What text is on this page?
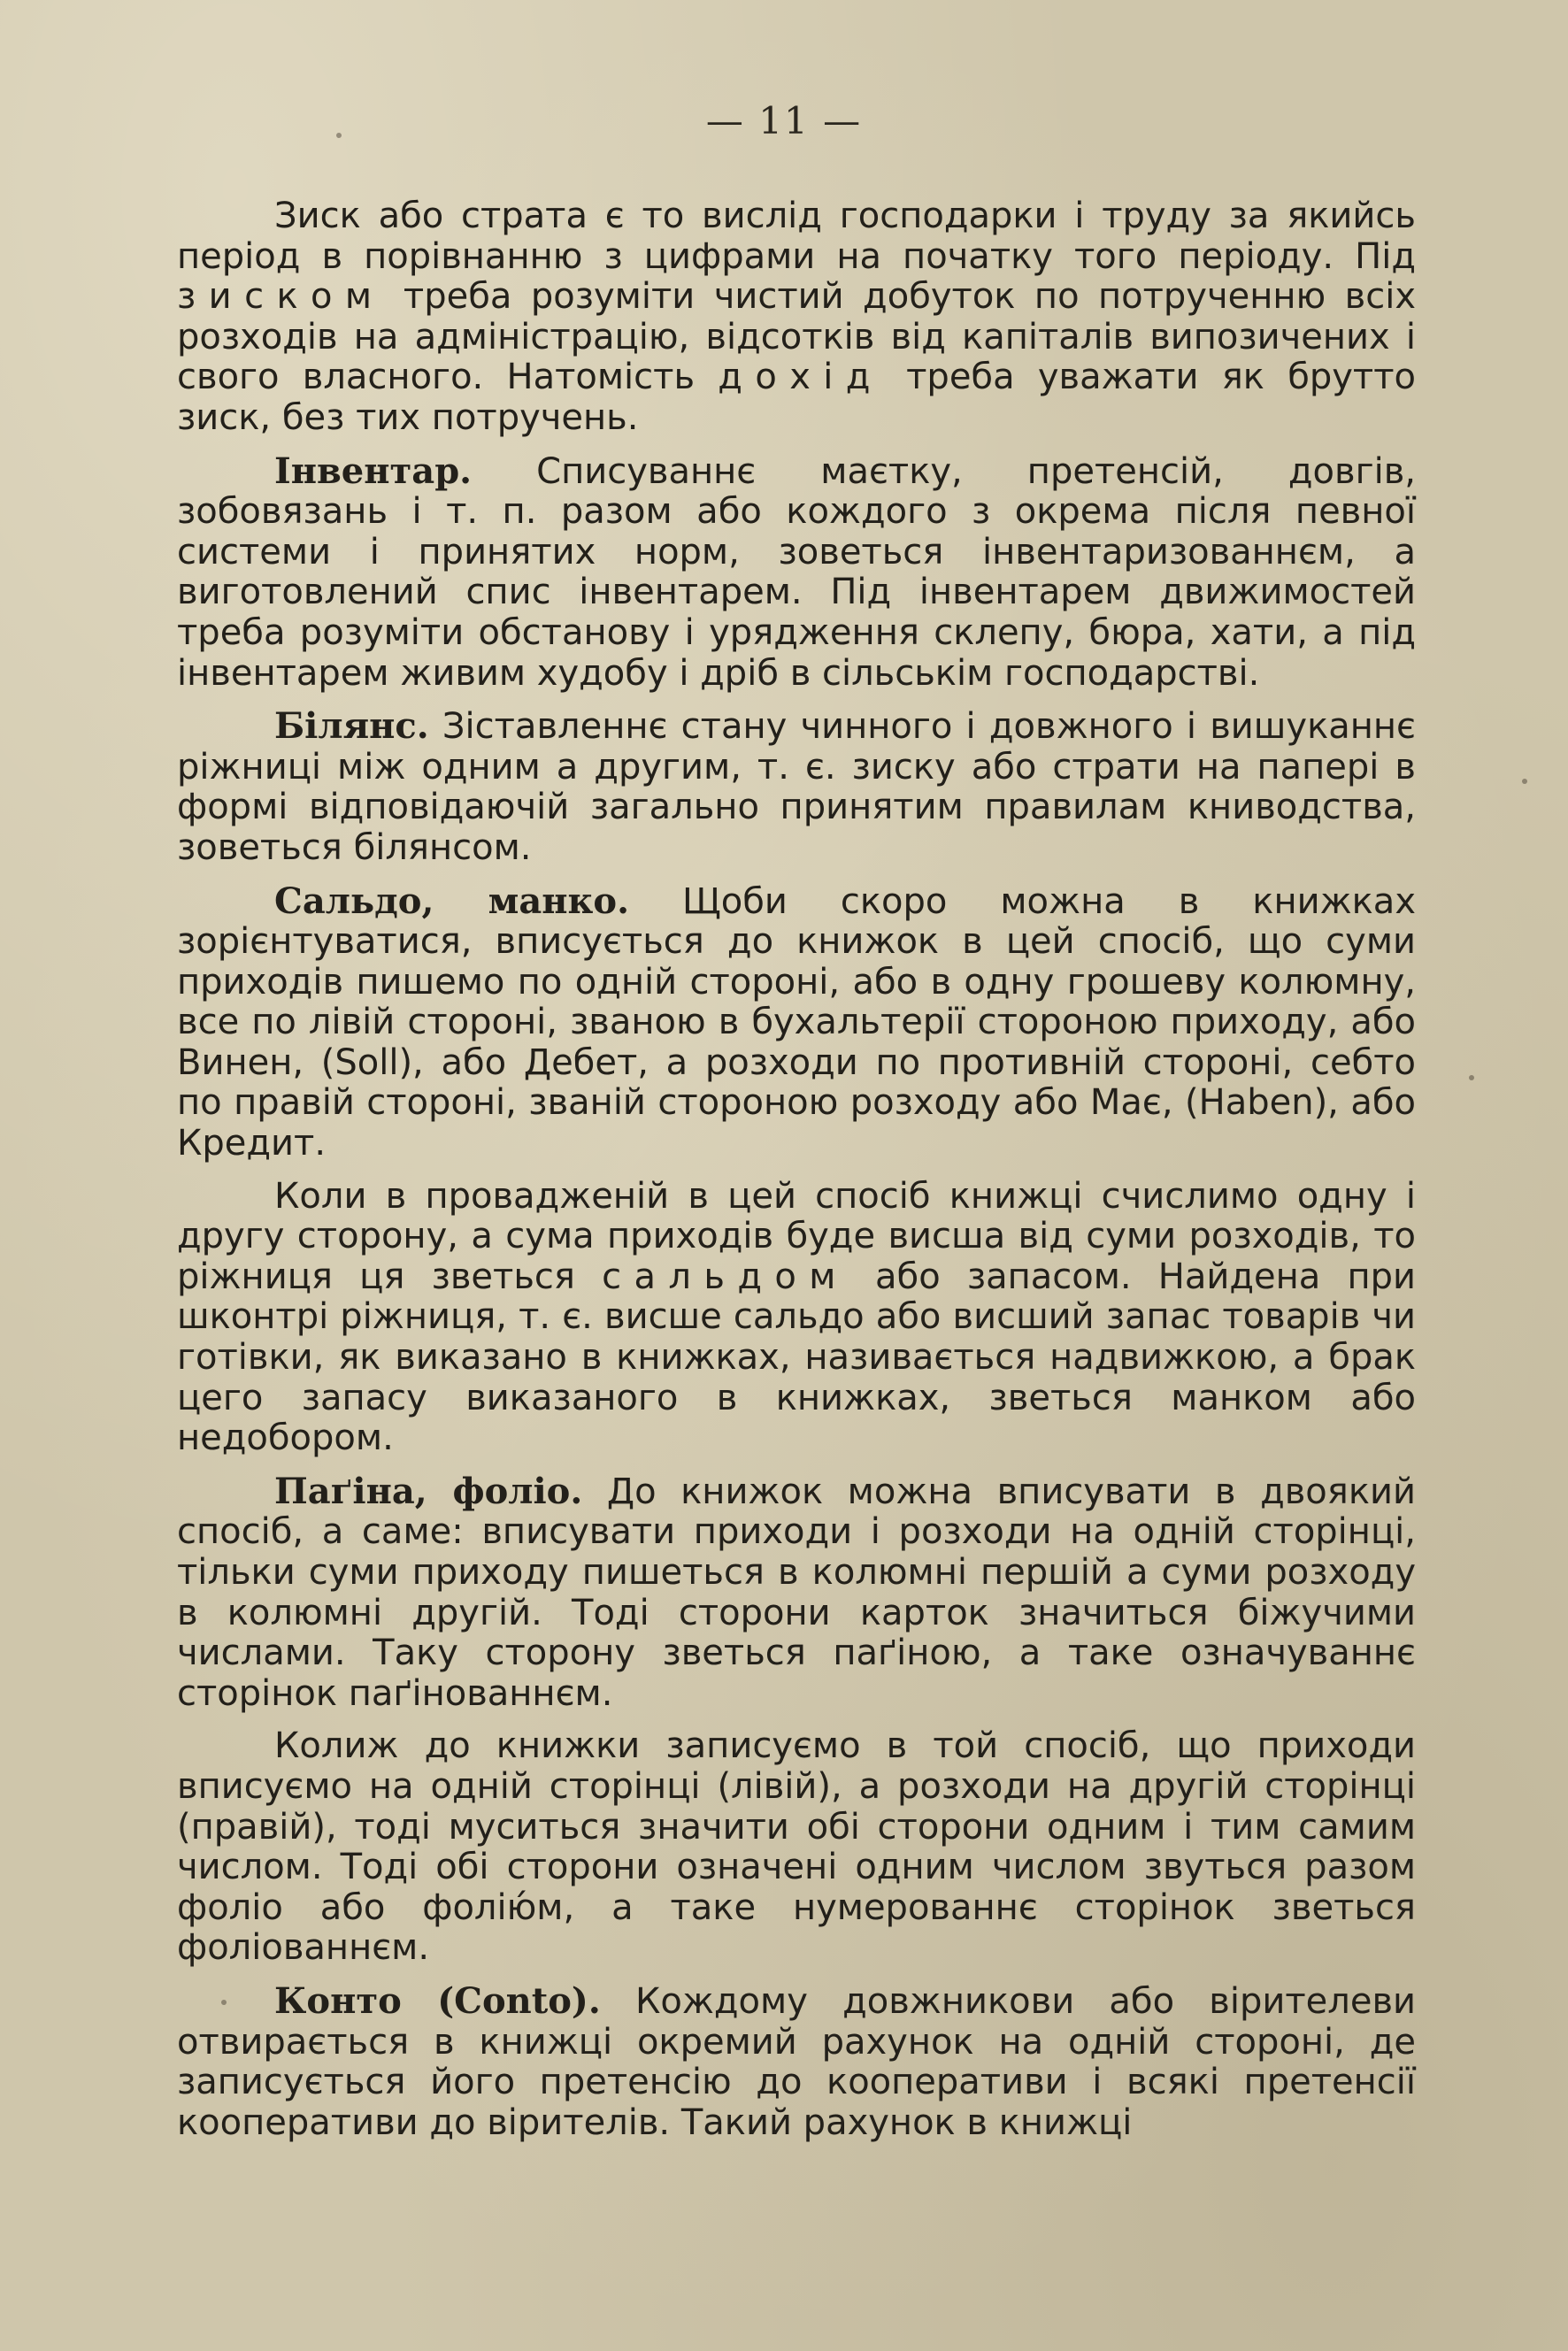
— 11 —

Зиск або страта є то вислід господарки і труду за якийсь період в порівнанню з цифрами на початку того періоду. Під зиском треба розуміти чистий добуток по потрученню всіх розходів на адміністрацію, відсотків від капіталів випозичених і свого власного. Натомість дохід треба уважати як брутто зиск, без тих потручень.

Інвентар. Списуваннє маєтку, претенсій, довгів, зобовязань і т. п. разом або кождого з окрема після певної системи і принятих норм, зоветься інвентаризованнєм, а виготовлений спис інвентарем. Під інвентарем движимостей треба розуміти обстанову і урядження склепу, бюра, хати, а під інвентарем живим худобу і дріб в сільськім господарстві.

Білянс. Зіставленнє стану чинного і довжного і вишуканнє ріжниці між одним а другим, т. є. зиску або страти на папері в формі відповідаючій загально принятим правилам книводства, зоветься білянсом.

Сальдо, манко. Щоби скоро можна в книжках зорієнтуватися, вписується до книжок в цей спосіб, що суми приходів пишемо по одній стороні, або в одну грошеву колюмну, все по лівій стороні, званою в бухальтерії стороною приходу, або Винен, (Soll), або Дебет, а розходи по противній стороні, себто по правій стороні, званій стороною розходу або Має, (Haben), або Кредит.

Коли в провадженій в цей спосіб книжці счислимо одну і другу сторону, а сума приходів буде висша від суми розходів, то ріжниця ця зветься сальдом або запасом. Найдена при шконтрі ріжниця, т. є. висше сальдо або висший запас товарів чи готівки, як виказано в книжках, називається надвижкою, а брак цего запасу виказаного в книжках, зветься манком або недобором.

Паґіна, фоліо. До книжок можна вписувати в двоякий спосіб, а саме: вписувати приходи і розходи на одній сторінці, тільки суми приходу пишеться в колюмні першій а суми розходу в колюмні другій. Тоді сторони карток значиться біжучими числами. Таку сторону зветься паґіною, а таке означуваннє сторінок паґінованнєм.

Колиж до книжки записуємо в той спосіб, що приходи вписуємо на одній сторінці (лівій), а розходи на другій сторінці (правій), тоді муситься значити обі сторони одним і тим самим числом. Тоді обі сторони означені одним числом звуться разом фоліо або фолію́м, а таке нумерованнє сторінок зветься фоліованнєм.

Конто (Conto). Кождому довжникови або вірителеви отвирається в книжці окремий рахунок на одній стороні, де записується його претенсію до кооперативи і всякі претенсії кооперативи до вірителів. Такий рахунок в книжці
